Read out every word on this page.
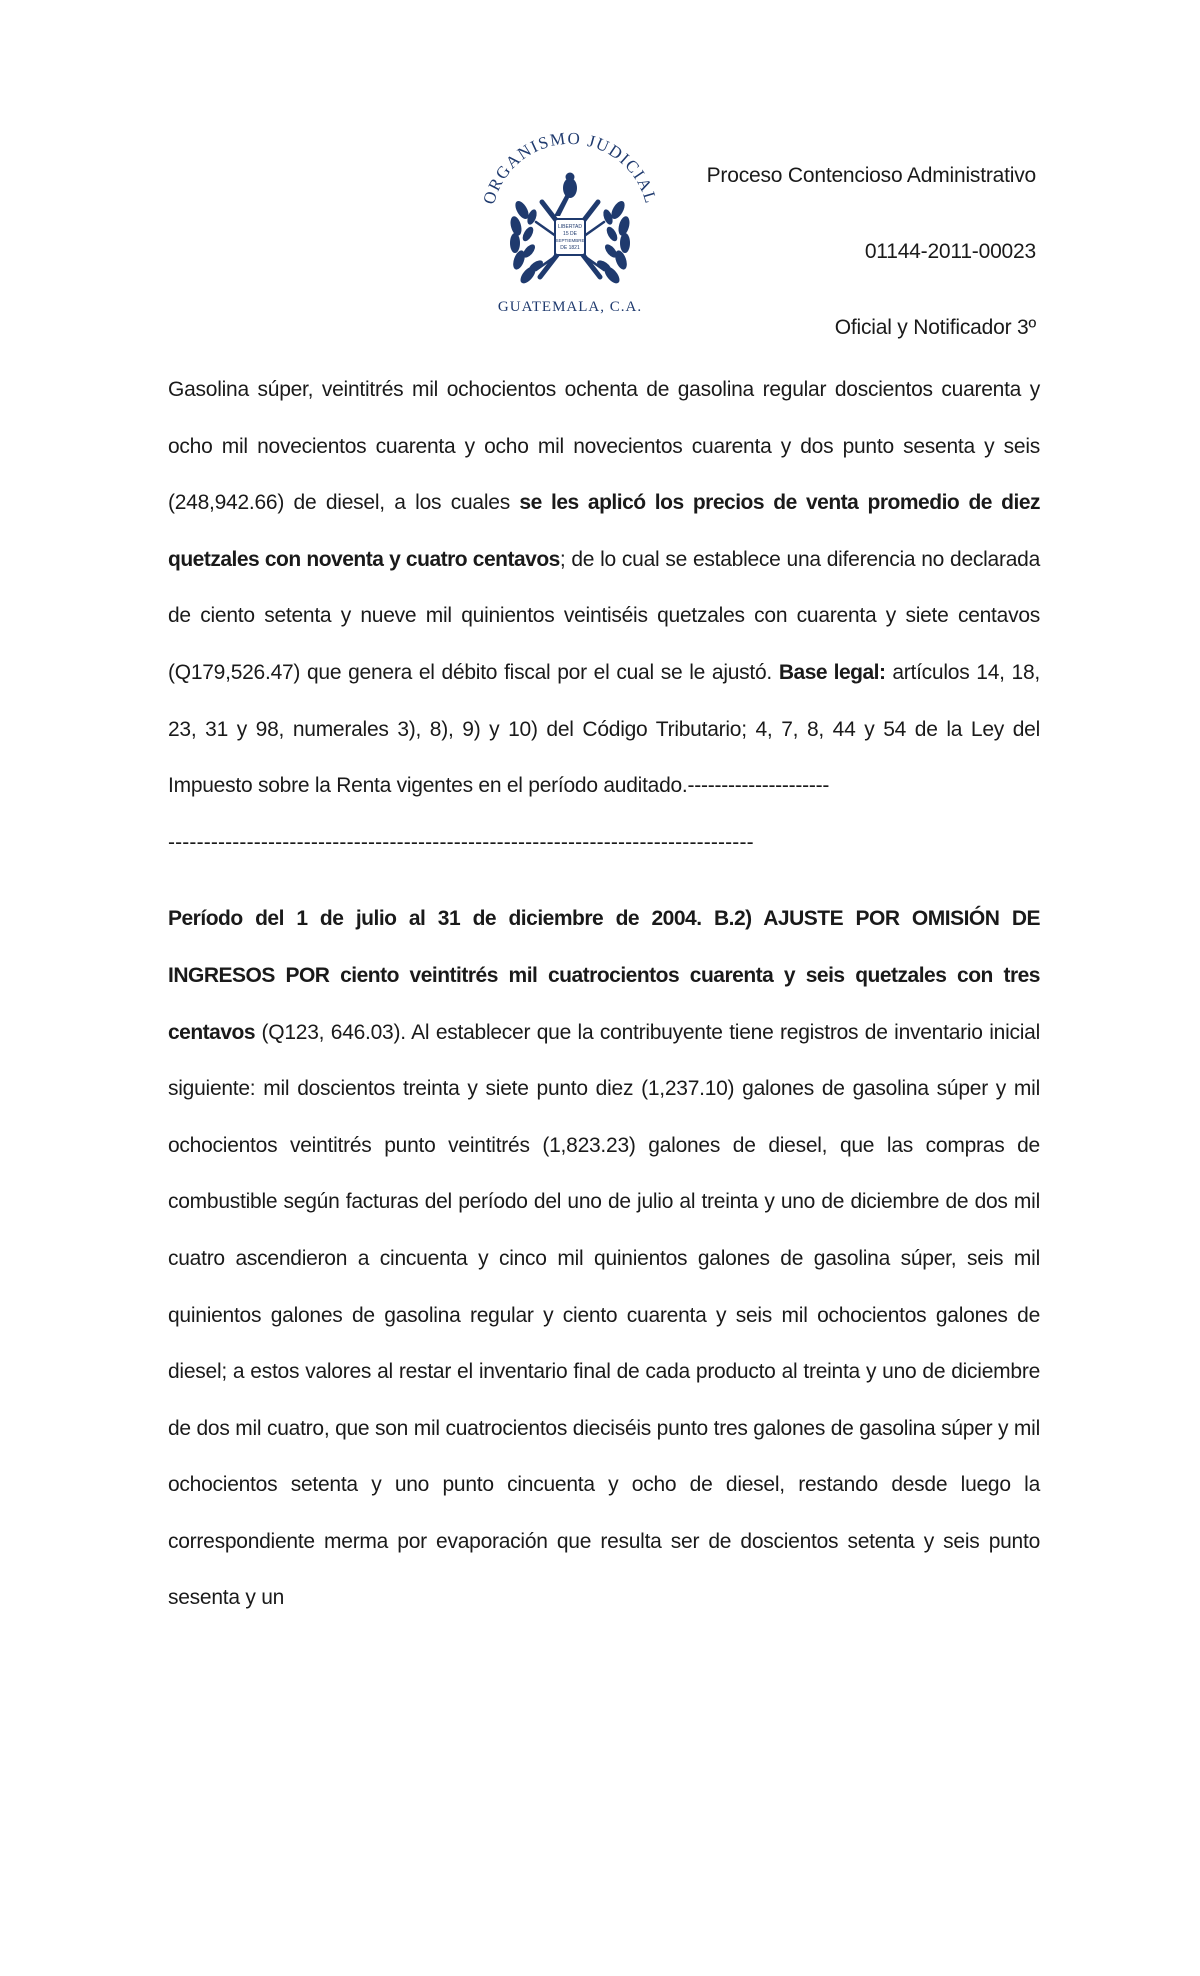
ORGANISMO JUDICIAL
LIBERTAD
15 DE
SEPTIEMBRE
DE 1821
GUATEMALA, C.A.
Proceso Contencioso Administrativo
01144-2011-00023
Oficial y Notificador 3º

Gasolina súper, veintitrés mil ochocientos ochenta de gasolina regular doscientos cuarenta y ocho mil novecientos cuarenta y ocho mil novecientos cuarenta y dos punto sesenta y seis (248,942.66) de diesel, a los cuales se les aplicó los precios de venta promedio de diez quetzales con noventa y cuatro centavos; de lo cual se establece una diferencia no declarada de ciento setenta y nueve mil quinientos veintiséis quetzales con cuarenta y siete centavos (Q179,526.47) que genera el débito fiscal por el cual se le ajustó. Base legal: artículos 14, 18, 23, 31 y 98, numerales 3), 8), 9) y 10) del Código Tributario; 4, 7, 8, 44 y 54 de la Ley del Impuesto sobre la Renta vigentes en el período auditado.---------------------

----------------------------------------------------------------------------------

Período del 1 de julio al 31 de diciembre de 2004. B.2) AJUSTE POR OMISIÓN DE INGRESOS POR ciento veintitrés mil cuatrocientos cuarenta y seis quetzales con tres centavos (Q123, 646.03). Al establecer que la contribuyente tiene registros de inventario inicial siguiente: mil doscientos treinta y siete punto diez (1,237.10) galones de gasolina súper y mil ochocientos veintitrés punto veintitrés (1,823.23) galones de diesel, que las compras de combustible según facturas del período del uno de julio al treinta y uno de diciembre de dos mil cuatro ascendieron a cincuenta y cinco mil quinientos galones de gasolina súper, seis mil quinientos galones de gasolina regular y ciento cuarenta y seis mil ochocientos galones de diesel; a estos valores al restar el inventario final de cada producto al treinta y uno de diciembre de dos mil cuatro, que son mil cuatrocientos dieciséis punto tres galones de gasolina súper y mil ochocientos setenta y uno punto cincuenta y ocho de diesel, restando desde luego la correspondiente merma por evaporación que resulta ser de doscientos setenta y seis punto sesenta y un
